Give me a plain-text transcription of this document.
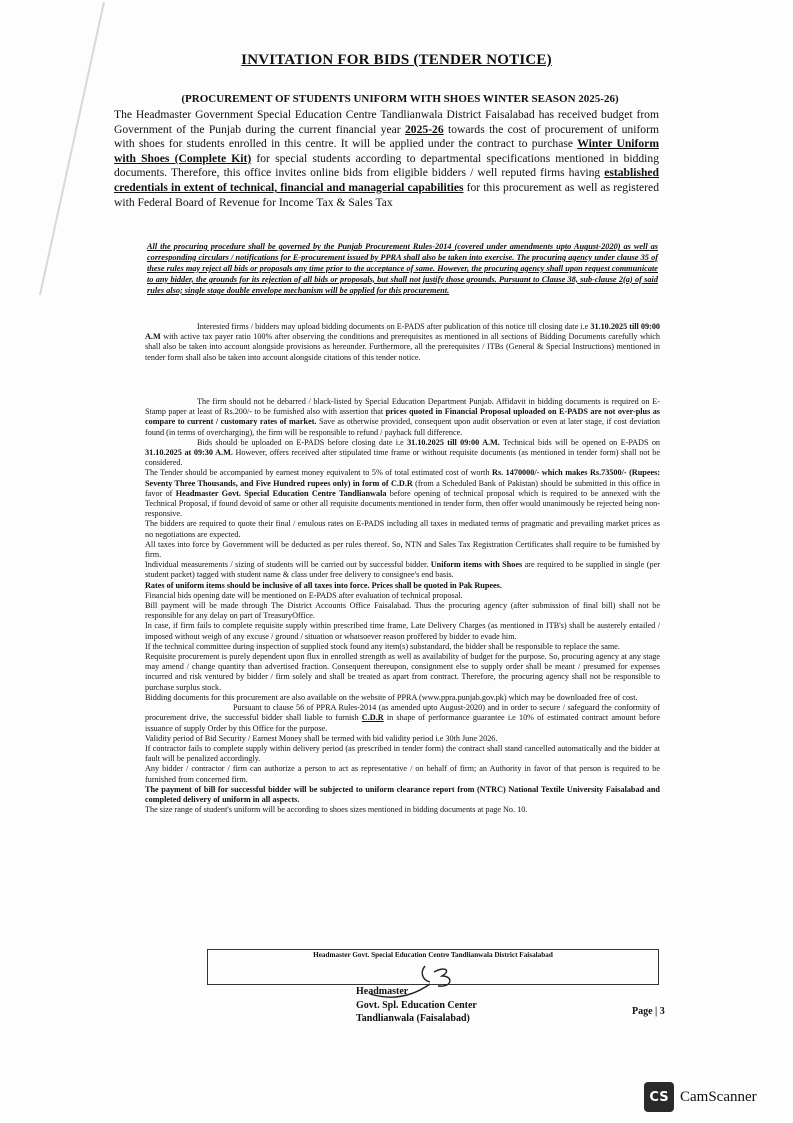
INVITATION FOR BIDS (TENDER NOTICE)
(PROCUREMENT OF STUDENTS UNIFORM WITH SHOES WINTER SEASON 2025-26)
The Headmaster Government Special Education Centre Tandlianwala District Faisalabad has received budget from Government of the Punjab during the current financial year 2025-26 towards the cost of procurement of uniform with shoes for students enrolled in this centre. It will be applied under the contract to purchase Winter Uniform with Shoes (Complete Kit) for special students according to departmental specifications mentioned in bidding documents. Therefore, this office invites online bids from eligible bidders / well reputed firms having established credentials in extent of technical, financial and managerial capabilities for this procurement as well as registered with Federal Board of Revenue for Income Tax & Sales Tax
All the procuring procedure shall be governed by the Punjab Procurement Rules-2014 (covered under amendments upto August-2020) as well as corresponding circulars / notifications for E-procurement issued by PPRA shall also be taken into exercise. The procuring agency under clause 35 of these rules may reject all bids or proposals any time prior to the acceptance of same. However, the procuring agency shall upon request communicate to any bidder, the grounds for its rejection of all bids or proposals, but shall not justify those grounds. Pursuant to Clause 38, sub-clause 2(a) of said rules also; single stage double envelope mechanism will be applied for this procurement.

Interested firms / bidders may upload bidding documents on E-PADS after publication of this notice till closing date i.e 31.10.2025 till 09:00 A.M with active tax payer ratio 100% after observing the conditions and prerequisites as mentioned in all sections of Bidding Documents carefully which shall also be taken into account alongside provisions as hereunder. Furthermore, all the prerequisites / ITBs (General & Special Instructions) mentioned in tender form shall also be taken into account alongside citations of this tender notice.

The firm should not be debarred / black-listed by Special Education Department Punjab. Affidavit in bidding documents is required on E-Stamp paper at least of Rs.200/- to be furnished also with assertion that prices quoted in Financial Proposal uploaded on E-PADS are not over-plus as compare to current / customary rates of market. Save as otherwise provided, consequent upon audit observation or even at later stage, if cost deviation found (in terms of overcharging), the firm will be responsible to refund / payback full difference.

Bids should be uploaded on E-PADS before closing date i.e 31.10.2025 till 09:00 A.M. Technical bids will be opened on E-PADS on 31.10.2025 at 09:30 A.M. However, offers received after stipulated time frame or without requisite documents (as mentioned in tender form) shall not be considered.

The Tender should be accompanied by earnest money equivalent to 5% of total estimated cost of worth Rs. 1470000/- which makes Rs.73500/- (Rupees: Seventy Three Thousands, and Five Hundred rupees only) in form of C.D.R (from a Scheduled Bank of Pakistan) should be submitted in this office in favor of Headmaster Govt. Special Education Centre Tandlianwala before opening of technical proposal which is required to be annexed with the Technical Proposal, if found devoid of same or other all requisite documents mentioned in tender form, then offer would unanimously be rejected being non-responsive.

The bidders are required to quote their final / emulous rates on E-PADS including all taxes in mediated terms of pragmatic and prevailing market prices as no negotiations are expected.

All taxes into force by Government will be deducted as per rules thereof. So, NTN and Sales Tax Registration Certificates shall require to be furnished by firm.

Individual measurements / sizing of students will be carried out by successful bidder. Uniform items with Shoes are required to be supplied in single (per student packet) tagged with student name & class under free delivery to consignee's end basis.

Rates of uniform items should be inclusive of all taxes into force. Prices shall be quoted in Pak Rupees.

Financial bids opening date will be mentioned on E-PADS after evaluation of technical proposal.

Bill payment will be made through The District Accounts Office Faisalabad. Thus the procuring agency (after submission of final bill) shall not be responsible for any delay on part of TreasuryOffice.

In case, if firm fails to complete requisite supply within prescribed time frame, Late Delivery Charges (as mentioned in ITB's) shall be austerely entailed / imposed without weigh of any excuse / ground / situation or whatsoever reason proffered by bidder to evade him.

If the technical committee during inspection of supplied stock found any item(s) substandard, the bidder shall be responsible to replace the same.

Requisite procurement is purely dependent upon flux in enrolled strength as well as availability of budget for the purpose. So, procuring agency at any stage may amend / change quantity than advertised fraction. Consequent thereupon, consignment else to supply order shall be meant / presumed for expenses incurred and risk ventured by bidder / firm solely and shall be treated as apart from contract. Therefore, the procuring agency shall not be responsible to purchase surplus stock.

Bidding documents for this procurement are also available on the website of PPRA (www.ppra.punjab.gov.pk) which may be downloaded free of cost.

Pursuant to clause 56 of PPRA Rules-2014 (as amended upto August-2020) and in order to secure / safeguard the conformity of procurement drive, the successful bidder shall liable to furnish C.D.R in shape of performance guarantee i.e 10% of estimated contract amount before issuance of supply Order by this Office for the purpose.

Validity period of Bid Security / Earnest Money shall be termed with bid validity period i.e 30th June 2026.

If contractor fails to complete supply within delivery period (as prescribed in tender form) the contract shall stand cancelled automatically and the bidder at fault will be penalized accordingly.

Any bidder / contractor / firm can authorize a person to act as representative / on behalf of firm; an Authority in favor of that person is required to be furnished from concerned firm.

The payment of bill for successful bidder will be subjected to uniform clearance report from (NTRC) National Textile University Faisalabad and completed delivery of uniform in all aspects.

The size range of student's uniform will be according to shoes sizes mentioned in bidding documents at page No. 10.

Headmaster Govt. Special Education Centre Tandlianwala District Faisalabad
Headmaster
Govt. Spl. Education Center
Tandlianwala (Faisalabad)
Page | 3
CS CamScanner
